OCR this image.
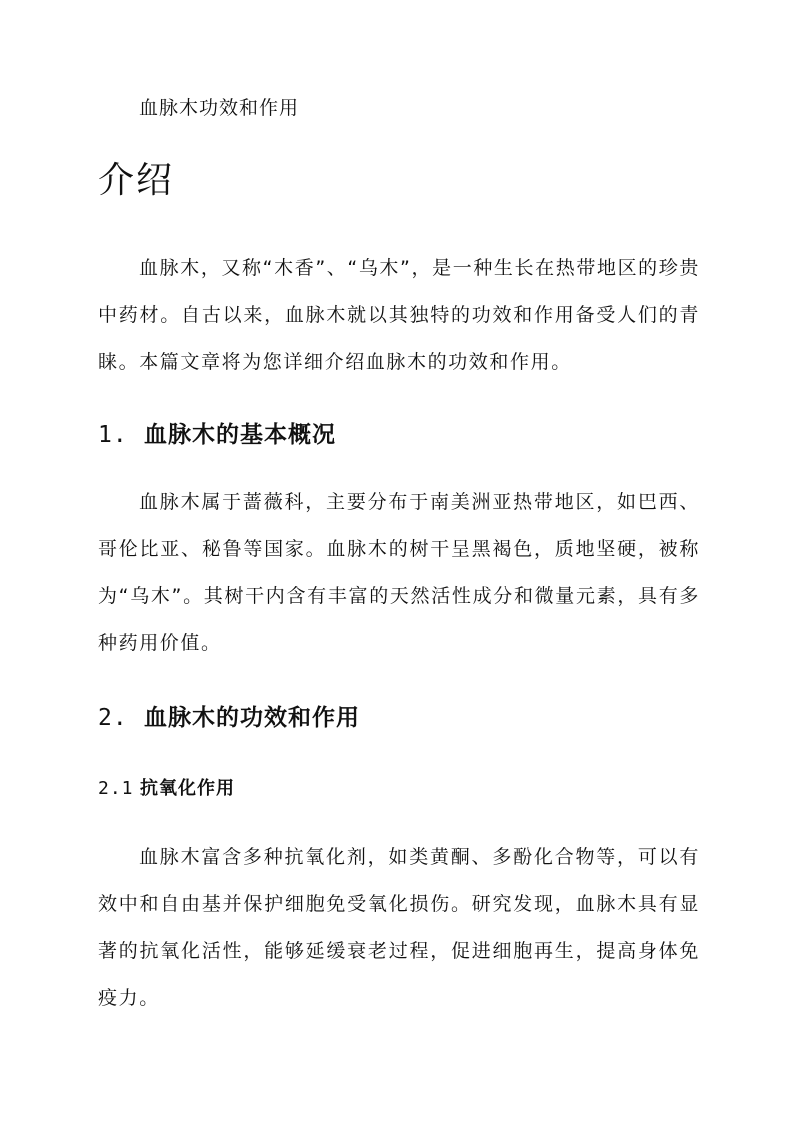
血脉木功效和作用

介绍

血脉木，又称“木香”、“乌木”，是一种生长在热带地区的珍贵中药材。自古以来，血脉木就以其独特的功效和作用备受人们的青睐。本篇文章将为您详细介绍血脉木的功效和作用。

1. 血脉木的基本概况

血脉木属于蔷薇科，主要分布于南美洲亚热带地区，如巴西、哥伦比亚、秘鲁等国家。血脉木的树干呈黑褐色，质地坚硬，被称为“乌木”。其树干内含有丰富的天然活性成分和微量元素，具有多种药用价值。

2. 血脉木的功效和作用
2.1 抗氧化作用

血脉木富含多种抗氧化剂，如类黄酮、多酚化合物等，可以有效中和自由基并保护细胞免受氧化损伤。研究发现，血脉木具有显著的抗氧化活性，能够延缓衰老过程，促进细胞再生，提高身体免疫力。
